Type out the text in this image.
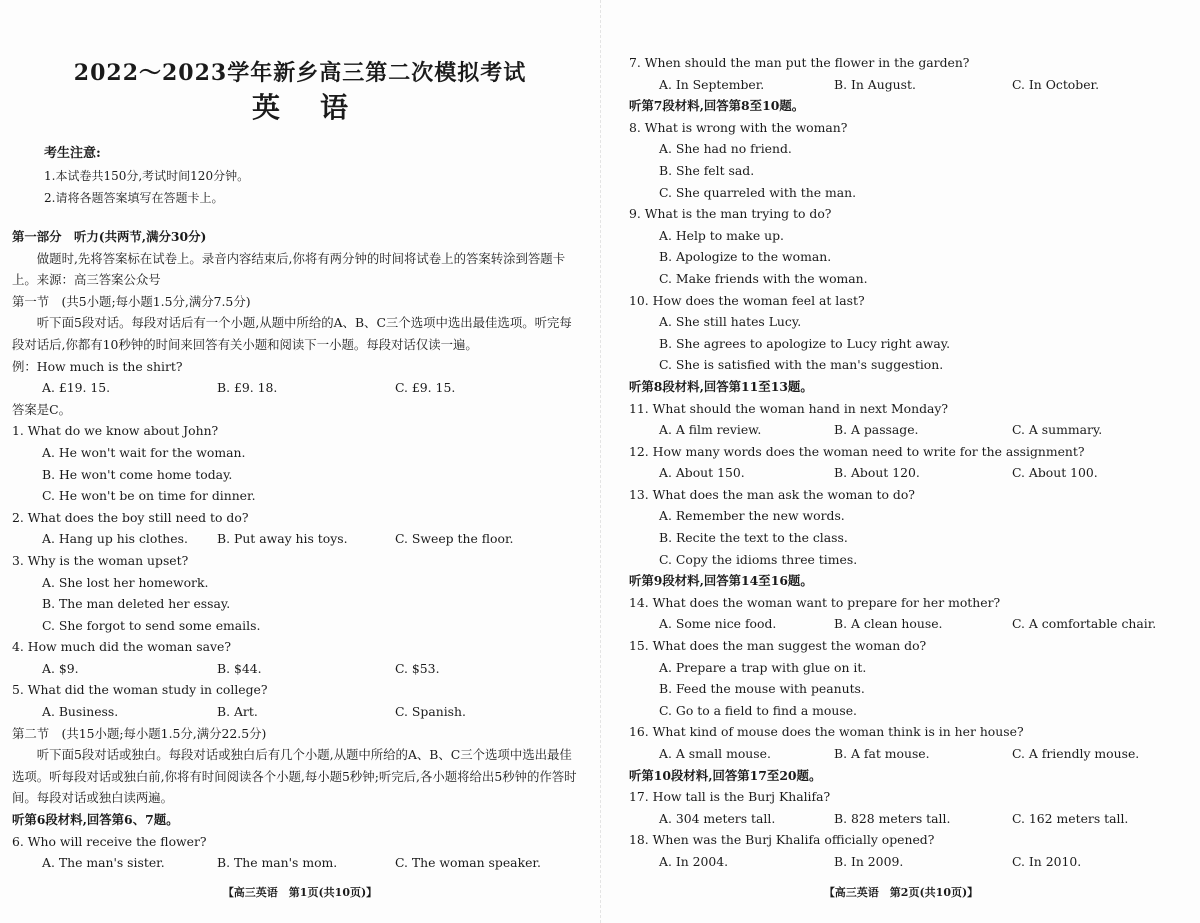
2022～2023学年新乡高三第二次模拟考试
英语
考生注意:
1.本试卷共150分,考试时间120分钟。
2.请将各题答案填写在答题卡上。
第一部分　听力(共两节,满分30分)
做题时,先将答案标在试卷上。录音内容结束后,你将有两分钟的时间将试卷上的答案转涂到答题卡上。来源：高三答案公众号
第一节　(共5小题;每小题1.5分,满分7.5分)
听下面5段对话。每段对话后有一个小题,从题中所给的A、B、C三个选项中选出最佳选项。听完每段对话后,你都有10秒钟的时间来回答有关小题和阅读下一小题。每段对话仅读一遍。
例：How much is the shirt?
A. £19. 15.	B. £9. 18.	C. £9. 15.
答案是C。
1. What do we know about John?
A. He won't wait for the woman.
B. He won't come home today.
C. He won't be on time for dinner.
2. What does the boy still need to do?
A. Hang up his clothes.	B. Put away his toys.	C. Sweep the floor.
3. Why is the woman upset?
A. She lost her homework.
B. The man deleted her essay.
C. She forgot to send some emails.
4. How much did the woman save?
A. $9.	B. $44.	C. $53.
5. What did the woman study in college?
A. Business.	B. Art.	C. Spanish.
第二节　(共15小题;每小题1.5分,满分22.5分)
听下面5段对话或独白。每段对话或独白后有几个小题,从题中所给的A、B、C三个选项中选出最佳选项。听每段对话或独白前,你将有时间阅读各个小题,每小题5秒钟;听完后,各小题将给出5秒钟的作答时间。每段对话或独白读两遍。
听第6段材料,回答第6、7题。
6. Who will receive the flower?
A. The man's sister.	B. The man's mom.	C. The woman speaker.
【高三英语　第1页(共10页)】
7. When should the man put the flower in the garden?
A. In September.	B. In August.	C. In October.
听第7段材料,回答第8至10题。
8. What is wrong with the woman?
A. She had no friend.
B. She felt sad.
C. She quarreled with the man.
9. What is the man trying to do?
A. Help to make up.
B. Apologize to the woman.
C. Make friends with the woman.
10. How does the woman feel at last?
A. She still hates Lucy.
B. She agrees to apologize to Lucy right away.
C. She is satisfied with the man's suggestion.
听第8段材料,回答第11至13题。
11. What should the woman hand in next Monday?
A. A film review.	B. A passage.	C. A summary.
12. How many words does the woman need to write for the assignment?
A. About 150.	B. About 120.	C. About 100.
13. What does the man ask the woman to do?
A. Remember the new words.
B. Recite the text to the class.
C. Copy the idioms three times.
听第9段材料,回答第14至16题。
14. What does the woman want to prepare for her mother?
A. Some nice food.	B. A clean house.	C. A comfortable chair.
15. What does the man suggest the woman do?
A. Prepare a trap with glue on it.
B. Feed the mouse with peanuts.
C. Go to a field to find a mouse.
16. What kind of mouse does the woman think is in her house?
A. A small mouse.	B. A fat mouse.	C. A friendly mouse.
听第10段材料,回答第17至20题。
17. How tall is the Burj Khalifa?
A. 304 meters tall.	B. 828 meters tall.	C. 162 meters tall.
18. When was the Burj Khalifa officially opened?
A. In 2004.	B. In 2009.	C. In 2010.
【高三英语　第2页(共10页)】
